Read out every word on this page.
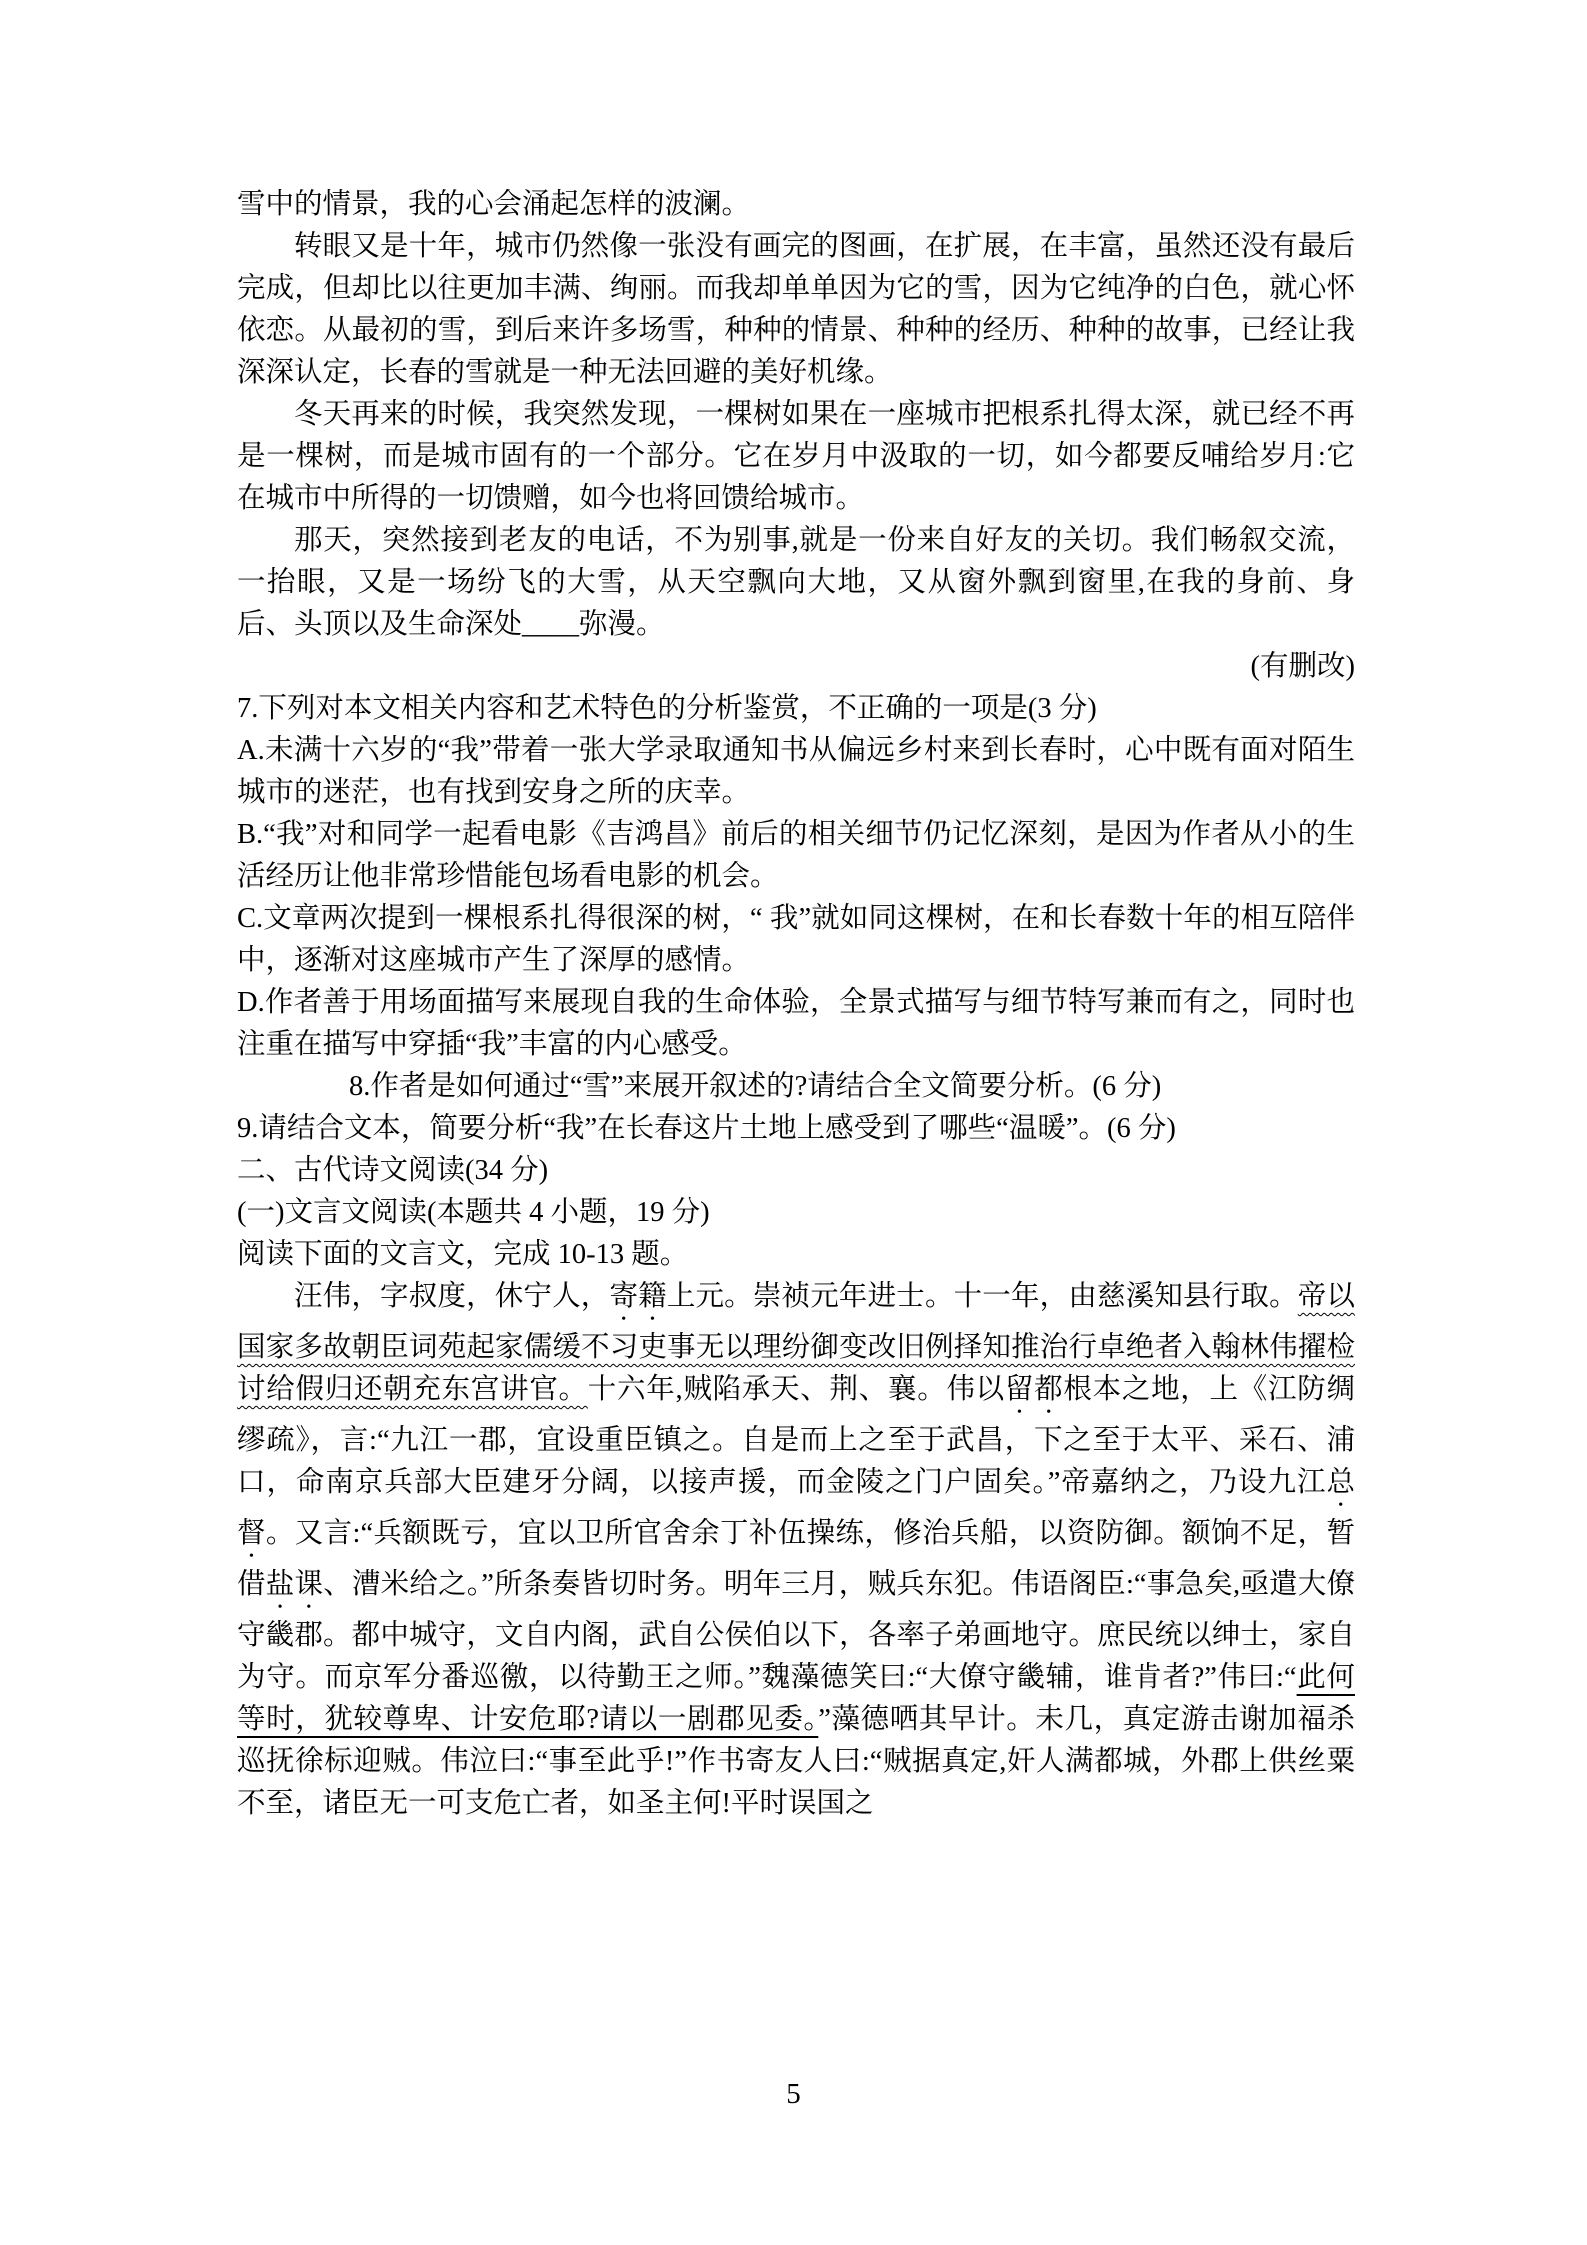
雪中的情景，我的心会涌起怎样的波澜。

转眼又是十年，城市仍然像一张没有画完的图画，在扩展，在丰富，虽然还没有最后完成，但却比以往更加丰满、绚丽。而我却单单因为它的雪，因为它纯净的白色，就心怀依恋。从最初的雪，到后来许多场雪，种种的情景、种种的经历、种种的故事，已经让我深深认定，长春的雪就是一种无法回避的美好机缘。

冬天再来的时候，我突然发现，一棵树如果在一座城市把根系扎得太深，就已经不再是一棵树，而是城市固有的一个部分。它在岁月中汲取的一切，如今都要反哺给岁月:它在城市中所得的一切馈赠，如今也将回馈给城市。

那天，突然接到老友的电话，不为别事,就是一份来自好友的关切。我们畅叙交流，一抬眼，又是一场纷飞的大雪，从天空飘向大地，又从窗外飘到窗里,在我的身前、身后、头顶以及生命深处____弥漫。

(有删改)

7.下列对本文相关内容和艺术特色的分析鉴赏，不正确的一项是(3 分)

A.未满十六岁的“我”带着一张大学录取通知书从偏远乡村来到长春时，心中既有面对陌生城市的迷茫，也有找到安身之所的庆幸。

B.“我”对和同学一起看电影《吉鸿昌》前后的相关细节仍记忆深刻，是因为作者从小的生活经历让他非常珍惜能包场看电影的机会。

C.文章两次提到一棵根系扎得很深的树，“ 我”就如同这棵树，在和长春数十年的相互陪伴中，逐渐对这座城市产生了深厚的感情。

D.作者善于用场面描写来展现自我的生命体验，全景式描写与细节特写兼而有之，同时也注重在描写中穿插“我”丰富的内心感受。

8.作者是如何通过“雪”来展开叙述的?请结合全文简要分析。(6 分)

9.请结合文本，简要分析“我”在长春这片土地上感受到了哪些“温暖”。(6 分)

二、古代诗文阅读(34 分)

(一)文言文阅读(本题共 4 小题，19 分)

阅读下面的文言文，完成 10-13 题。

汪伟，字叔度，休宁人，寄籍上元。崇祯元年进士。十一年，由慈溪知县行取。帝以国家多故朝臣词苑起家儒缓不习吏事无以理纷御变改旧例择知推治行卓绝者入翰林伟擢检讨给假归还朝充东宫讲官。十六年,贼陷承天、荆、襄。伟以留都根本之地，上《江防绸缪疏》，言:“九江一郡，宜设重臣镇之。自是而上之至于武昌，下之至于太平、采石、浦口，命南京兵部大臣建牙分阔，以接声援，而金陵之门户固矣。”帝嘉纳之，乃设九江总督。又言:“兵额既亏，宜以卫所官舍余丁补伍操练，修治兵船，以资防御。额饷不足，暂借盐课、漕米给之。”所条奏皆切时务。明年三月，贼兵东犯。伟语阁臣:“事急矣,亟遣大僚守畿郡。都中城守，文自内阁，武自公侯伯以下，各率子弟画地守。庶民统以绅士，家自为守。而京军分番巡徼，以待勤王之师。”魏藻德笑曰:“大僚守畿辅，谁肯者?”伟曰:“此何等时，犹较尊卑、计安危耶?请以一剧郡见委。”藻德哂其早计。未几，真定游击谢加福杀巡抚徐标迎贼。伟泣曰:“事至此乎!”作书寄友人曰:“贼据真定,奸人满都城，外郡上供丝粟不至，诸臣无一可支危亡者，如圣主何!平时误国之

5
